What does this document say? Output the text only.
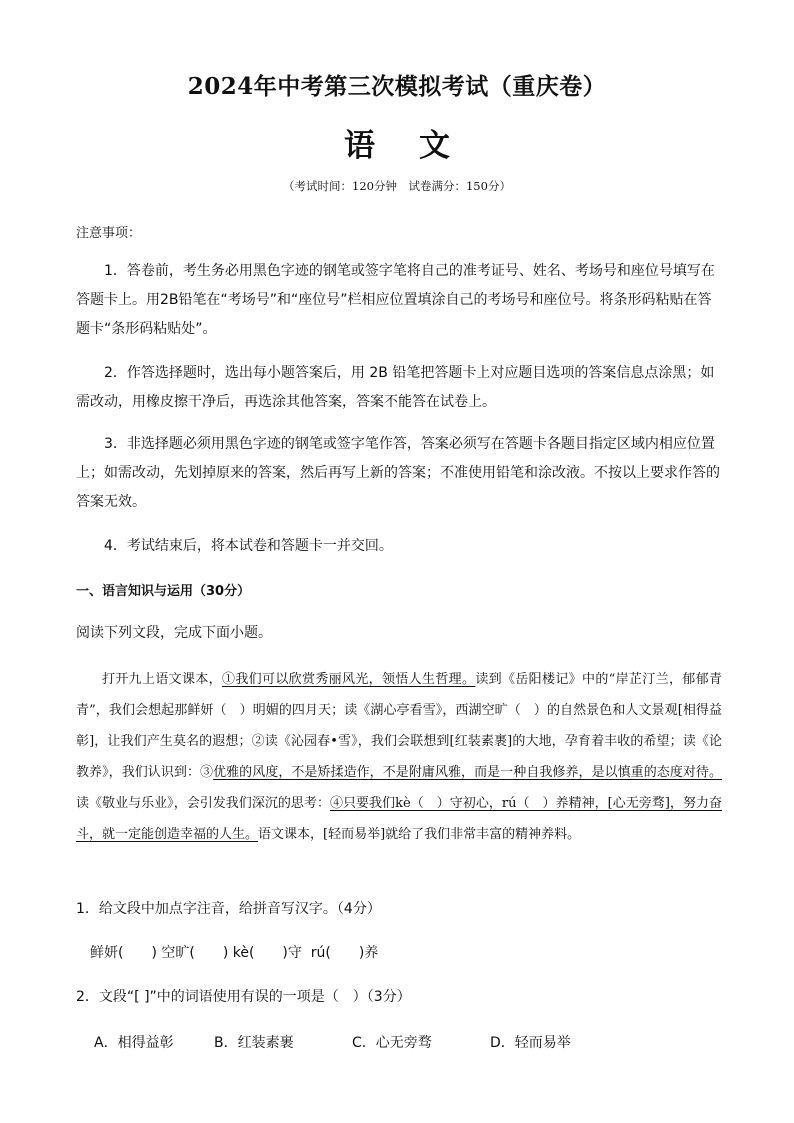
2024年中考第三次模拟考试（重庆卷）
语 文
（考试时间：120分钟　试卷满分：150分）
注意事项：

1．答卷前，考生务必用黑色字迹的钢笔或签字笔将自己的准考证号、姓名、考场号和座位号填写在答题卡上。用2B铅笔在“考场号”和“座位号”栏相应位置填涂自己的考场号和座位号。将条形码粘贴在答题卡“条形码粘贴处”。

2．作答选择题时，选出每小题答案后，用 2B 铅笔把答题卡上对应题目选项的答案信息点涂黑；如需改动，用橡皮擦干净后，再选涂其他答案，答案不能答在试卷上。

3．非选择题必须用黑色字迹的钢笔或签字笔作答，答案必须写在答题卡各题目指定区域内相应位置上；如需改动，先划掉原来的答案，然后再写上新的答案；不准使用铅笔和涂改液。不按以上要求作答的答案无效。

4．考试结束后，将本试卷和答题卡一并交回。

一、语言知识与运用（30分）
阅读下列文段，完成下面小题。

打开九上语文课本，①我们可以欣赏秀丽风光，领悟人生哲理。读到《岳阳楼记》中的“岸芷汀兰，郁郁青青”，我们会想起那鲜妍（　）明媚的四月天；读《湖心亭看雪》，西湖空旷（　）的自然景色和人文景观[相得益彰]，让我们产生莫名的遐想；②读《沁园春•雪》，我们会联想到[红装素裹]的大地，孕育着丰收的希望；读《论教养》，我们认识到：③优雅的风度，不是矫揉造作，不是附庸风雅，而是一种自我修养，是以慎重的态度对待。读《敬业与乐业》，会引发我们深沉的思考：④只要我们kè（　）守初心，rú（　）养精神，[心无旁骛]，努力奋斗，就一定能创造幸福的人生。语文课本，[轻而易举]就给了我们非常丰富的精神养料。

1．给文段中加点字注音，给拼音写汉字。（4分）
鲜妍(　　) 空旷(　　) kè(　　)守  rú(　　)养
2．文段“[ ]”中的词语使用有误的一项是（　）（3分）
A．相得益彰	B．红装素裹	C．心无旁骛	D．轻而易举
